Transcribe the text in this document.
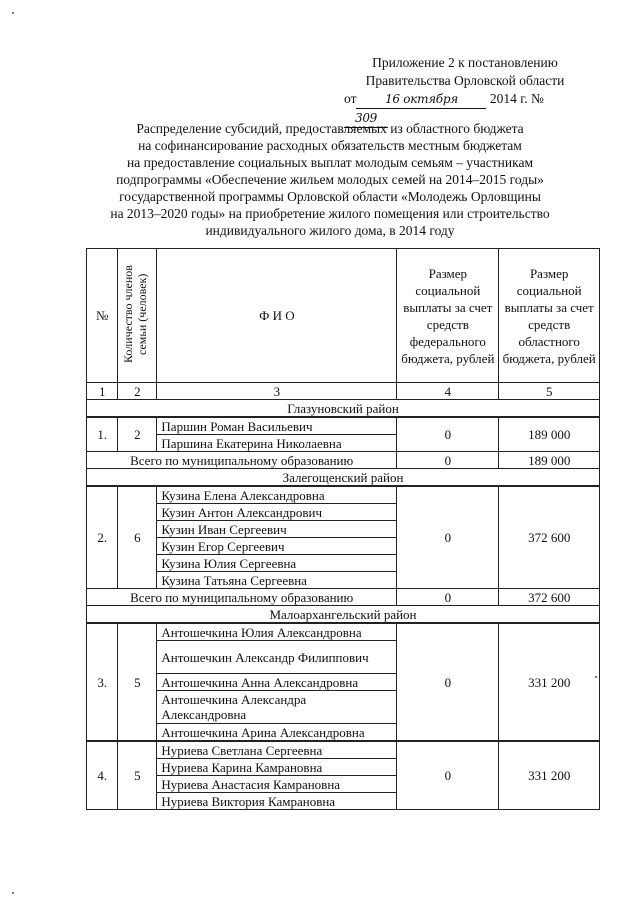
Приложение 2 к постановлению
Правительства Орловской области
от 16 октября 2014 г. № 309
Распределение субсидий, предоставляемых из областного бюджета
на софинансирование расходных обязательств местным бюджетам
на предоставление социальных выплат молодым семьям – участникам
подпрограммы «Обеспечение жильем молодых семей на 2014–2015 годы»
государственной программы Орловской области «Молодежь Орловщины
на 2013–2020 годы» на приобретение жилого помещения или строительство
индивидуального жилого дома, в 2014 году
№	Количество членов семьи (человек)	Ф И О	Размер социальной выплаты за счет средств федерального бюджета, рублей	Размер социальной выплаты за счет средств областного бюджета, рублей
1	2	3	4	5
Глазуновский район				
1.	2	Паршин Роман Васильевич	0	189 000
		Паршина Екатерина Николаевна		
Всего по муниципальному образованию			0	189 000
Залегощенский район				
2.	6	Кузина Елена Александровна	0	372 600
		Кузин Антон Александрович		
		Кузин Иван Сергеевич		
		Кузин Егор Сергеевич		
		Кузина Юлия Сергеевна		
		Кузина Татьяна Сергеевна		
Всего по муниципальному образованию			0	372 600
Малоархангельский район				
3.	5	Антошечкина Юлия Александровна	0	331 200
		Антошечкин Александр Филиппович		
		Антошечкина Анна Александровна		
		Антошечкина Александра Александровна		
		Антошечкина Арина Александровна		
4.	5	Нуриева Светлана Сергеевна	0	331 200
		Нуриева Карина Камрановна		
		Нуриева Анастасия Камрановна		
		Нуриева Виктория Камрановна		
